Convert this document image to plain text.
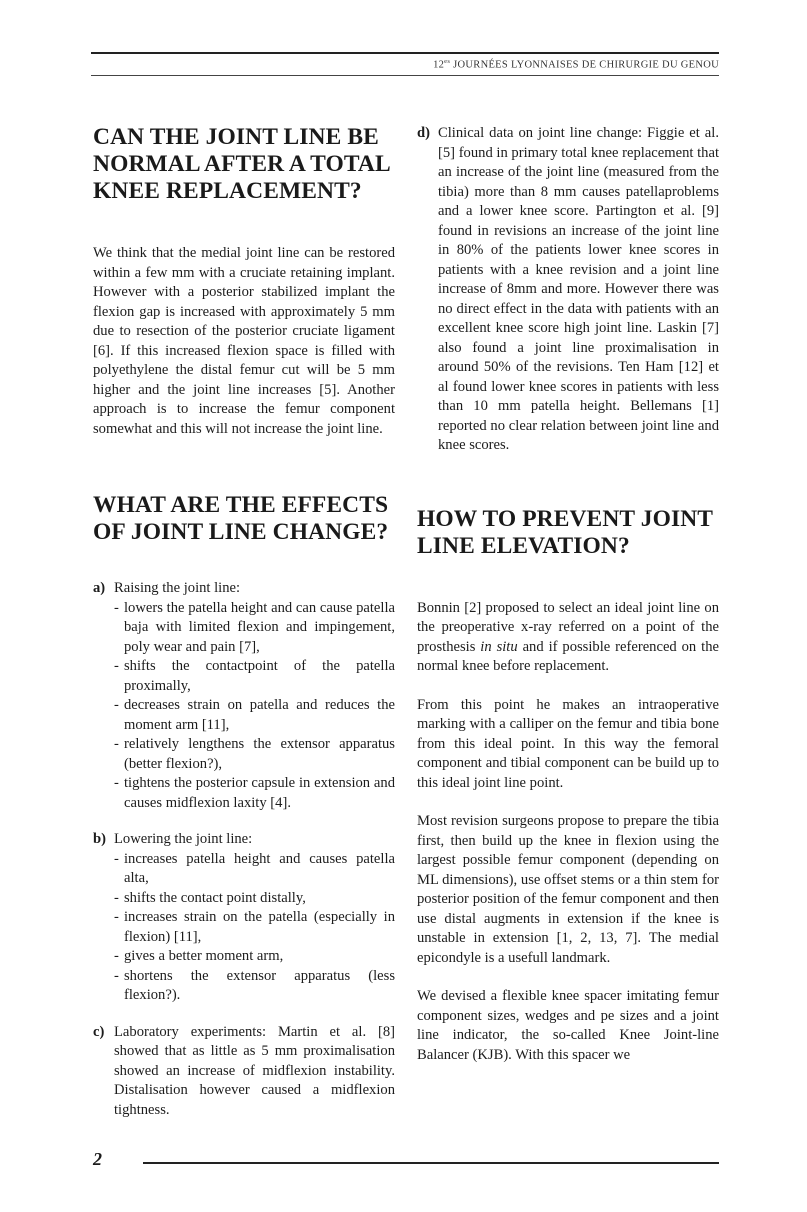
$12^{es}$ JOURNÉES LYONNAISES DE CHIRURGIE DU GENOU
CAN THE JOINT LINE BE NORMAL AFTER A TOTAL KNEE REPLACEMENT?

We think that the medial joint line can be restored within a few mm with a cruciate retaining implant. However with a posterior stabilized implant the flexion gap is increased with approximately 5 mm due to resection of the posterior cruciate ligament [6]. If this increased flexion space is filled with polyethylene the distal femur cut will be 5 mm higher and the joint line increases [5]. Another approach is to increase the femur component somewhat and this will not increase the joint line.

WHAT ARE THE EFFECTS OF JOINT LINE CHANGE?
a) Raising the joint line:
- lowers the patella height and can cause patella baja with limited flexion and impingement, poly wear and pain [7],
- shifts the contactpoint of the patella proximally,
- decreases strain on patella and reduces the moment arm [11],
- relatively lengthens the extensor apparatus (better flexion?),
- tightens the posterior capsule in extension and causes midflexion laxity [4].
b) Lowering the joint line:
- increases patella height and causes patella alta,
- shifts the contact point distally,
- increases strain on the patella (especially in flexion) [11],
- gives a better moment arm,
- shortens the extensor apparatus (less flexion?).
c) Laboratory experiments: Martin et al. [8] showed that as little as 5 mm proximalisation showed an increase of midflexion instability. Distalisation however caused a midflexion tightness.

d) Clinical data on joint line change: Figgie et al. [5] found in primary total knee replacement that an increase of the joint line (measured from the tibia) more than 8 mm causes patellaproblems and a lower knee score. Partington et al. [9] found in revisions an increase of the joint line in 80% of the patients lower knee scores in patients with a knee revision and a joint line increase of 8mm and more. However there was no direct effect in the data with patients with an excellent knee score high joint line. Laskin [7] also found a joint line proximalisation in around 50% of the revisions. Ten Ham [12] et al found lower knee scores in patients with less than 10 mm patella height. Bellemans [1] reported no clear relation between joint line and knee scores.

HOW TO PREVENT JOINT LINE ELEVATION?

Bonnin [2] proposed to select an ideal joint line on the preoperative x-ray referred on a point of the prosthesis in situ and if possible referenced on the normal knee before replacement.

From this point he makes an intraoperative marking with a calliper on the femur and tibia bone from this ideal point. In this way the femoral component and tibial component can be build up to this ideal joint line point.

Most revision surgeons propose to prepare the tibia first, then build up the knee in flexion using the largest possible femur component (depending on ML dimensions), use offset stems or a thin stem for posterior position of the femur component and then use distal augments in extension if the knee is unstable in extension [1, 2, 13, 7]. The medial epicondyle is a usefull landmark.

We devised a flexible knee spacer imitating femur component sizes, wedges and pe sizes and a joint line indicator, the so-called Knee Joint-line Balancer (KJB). With this spacer we

2
